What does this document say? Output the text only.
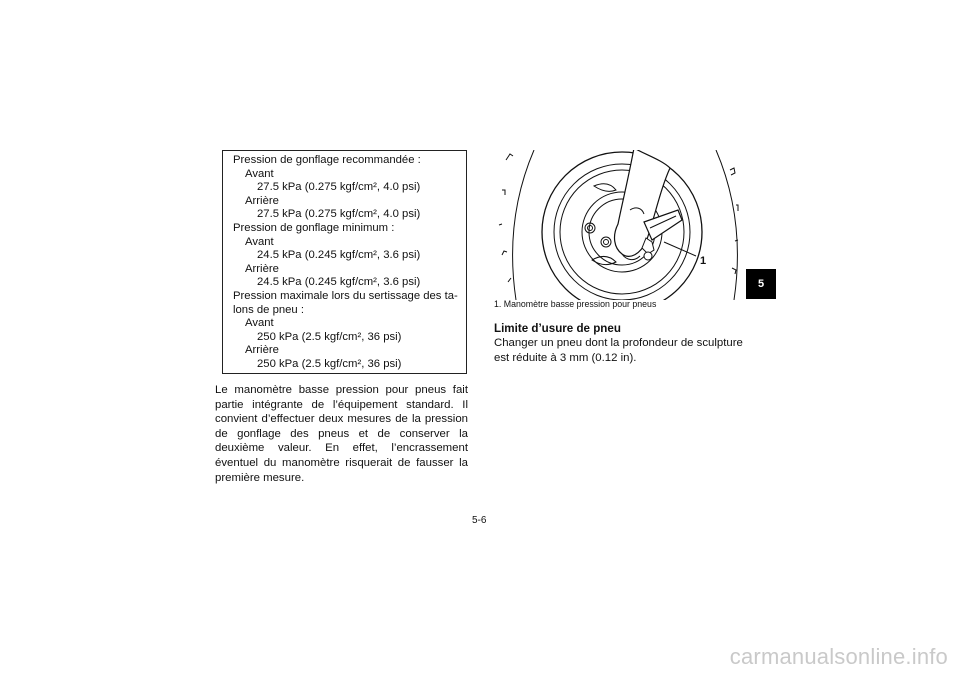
Pression de gonflage recommandée :
Avant
27.5 kPa (0.275 kgf/cm², 4.0 psi)
Arrière
27.5 kPa (0.275 kgf/cm², 4.0 psi)
Pression de gonflage minimum :
Avant
24.5 kPa (0.245 kgf/cm², 3.6 psi)
Arrière
24.5 kPa (0.245 kgf/cm², 3.6 psi)
Pression maximale lors du sertissage des ta-
lons de pneu :
Avant
250 kPa (2.5 kgf/cm², 36 psi)
Arrière
250 kPa (2.5 kgf/cm², 36 psi)

Le manomètre basse pression pour pneus fait partie intégrante de l’équipement standard. Il convient d’effectuer deux mesures de la pression de gonflage des pneus et de conserver la deuxième valeur. En effet, l’encrassement éventuel du manomètre risquerait de fausser la première mesure.

1
1. Manomètre basse pression pour pneus
Limite d’usure de pneu
Changer un pneu dont la profondeur de sculpture est réduite à 3 mm (0.12 in).
5
5-6
carmanualsonline.info
